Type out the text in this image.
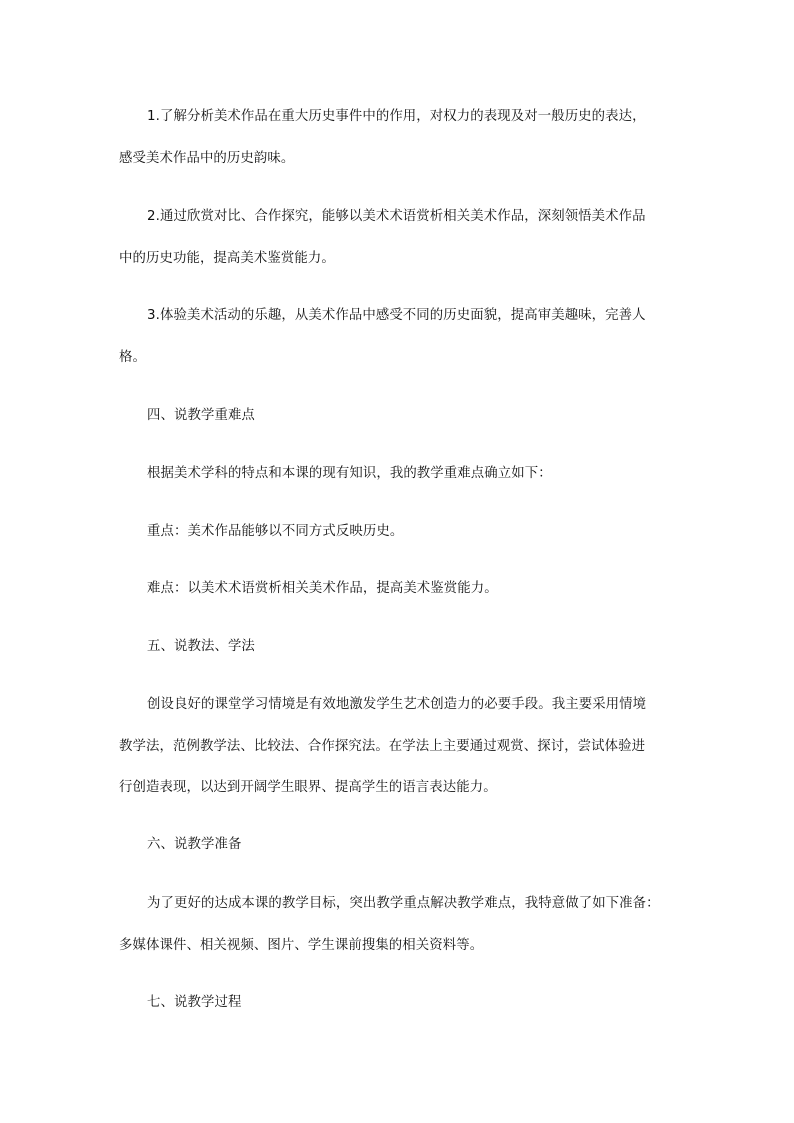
1.了解分析美术作品在重大历史事件中的作用，对权力的表现及对一般历史的表达，
感受美术作品中的历史韵味。
2.通过欣赏对比、合作探究，能够以美术术语赏析相关美术作品，深刻领悟美术作品
中的历史功能，提高美术鉴赏能力。
3.体验美术活动的乐趣，从美术作品中感受不同的历史面貌，提高审美趣味，完善人
格。
四、说教学重难点
根据美术学科的特点和本课的现有知识，我的教学重难点确立如下：
重点：美术作品能够以不同方式反映历史。
难点：以美术术语赏析相关美术作品，提高美术鉴赏能力。
五、说教法、学法
创设良好的课堂学习情境是有效地激发学生艺术创造力的必要手段。我主要采用情境
教学法，范例教学法、比较法、合作探究法。在学法上主要通过观赏、探讨，尝试体验进
行创造表现，以达到开阔学生眼界、提高学生的语言表达能力。
六、说教学准备
为了更好的达成本课的教学目标，突出教学重点解决教学难点，我特意做了如下准备：
多媒体课件、相关视频、图片、学生课前搜集的相关资料等。
七、说教学过程
